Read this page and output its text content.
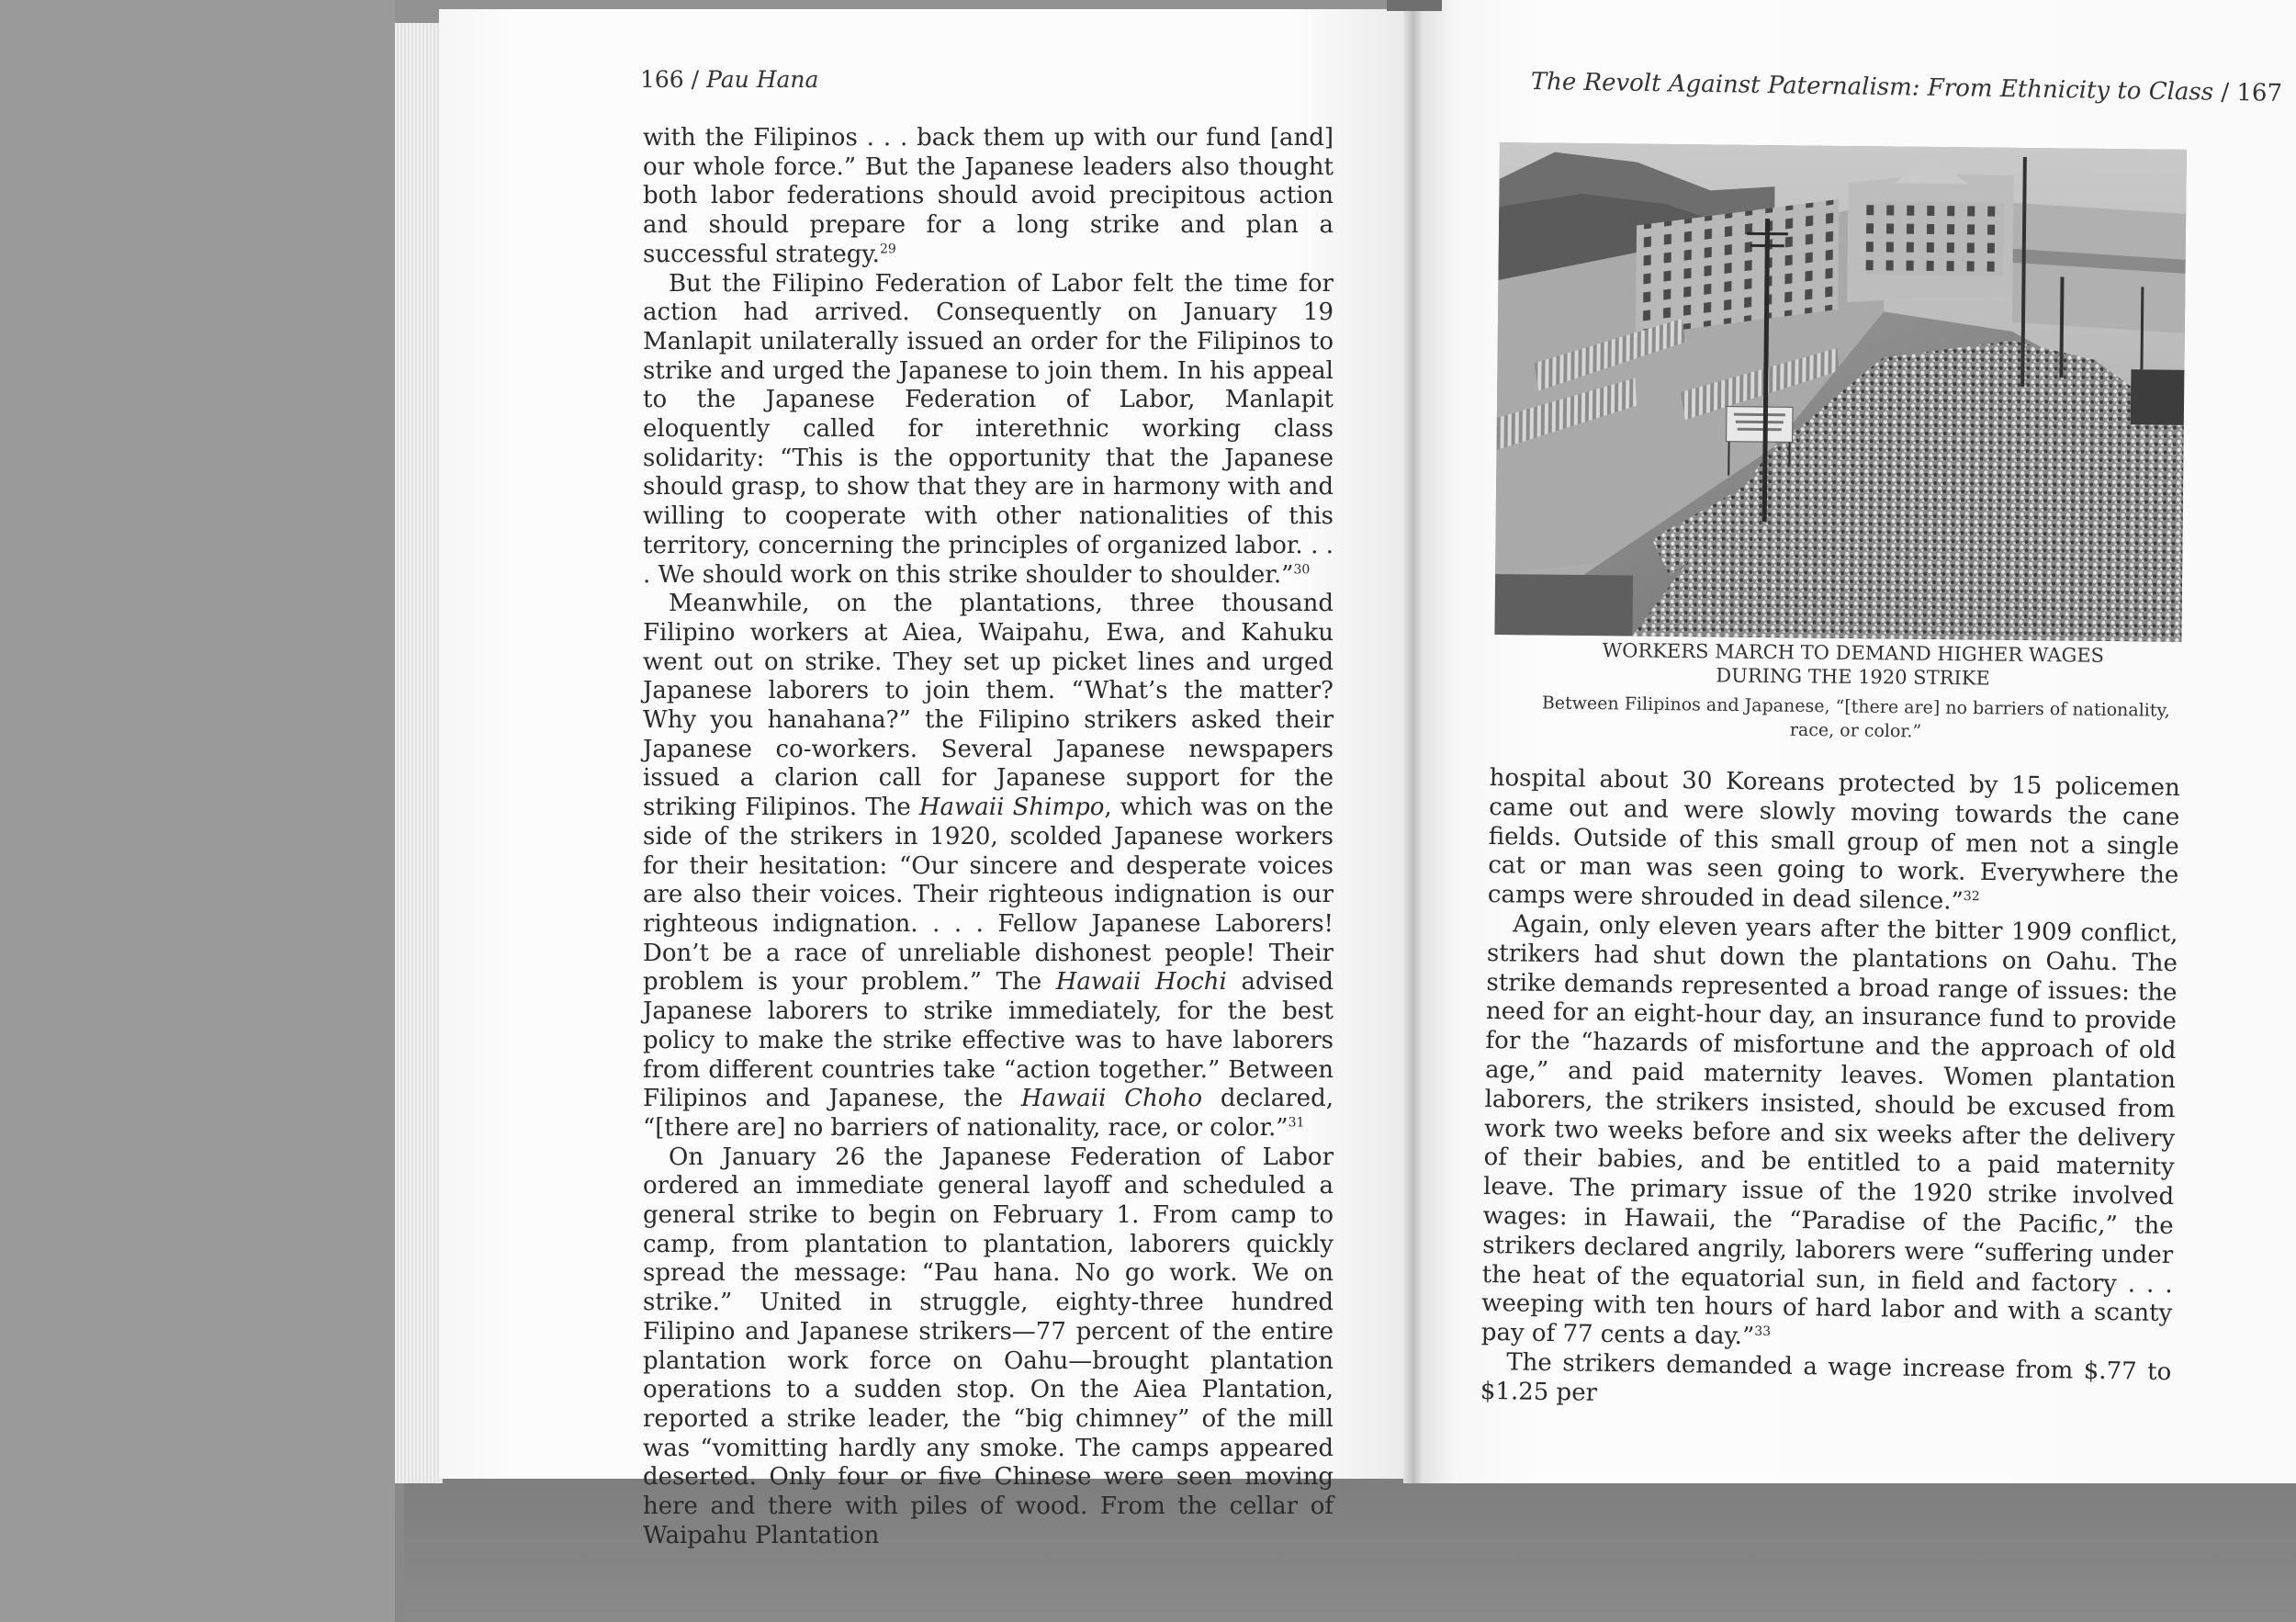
166 / Pau Hana	The Revolt Against Paternalism: From Ethnicity to Class / 167

with the Filipinos . . . back them up with our fund [and] our whole force.” But the Japanese leaders also thought both labor federations should avoid precipitous action and should prepare for a long strike and plan a successful strategy.$^{29}$

But the Filipino Federation of Labor felt the time for action had arrived. Consequently on January 19 Manlapit unilaterally issued an order for the Filipinos to strike and urged the Japanese to join them. In his appeal to the Japanese Federation of Labor, Manlapit eloquently called for interethnic working class solidarity: “This is the opportunity that the Japanese should grasp, to show that they are in harmony with and willing to cooperate with other nationalities of this territory, concerning the principles of organized labor. . . . We should work on this strike shoulder to shoulder.”$^{30}$

Meanwhile, on the plantations, three thousand Filipino workers at Aiea, Waipahu, Ewa, and Kahuku went out on strike. They set up picket lines and urged Japanese laborers to join them. “What’s the matter? Why you hanahana?” the Filipino strikers asked their Japanese co-workers. Several Japanese newspapers issued a clarion call for Japanese support for the striking Filipinos. The Hawaii Shimpo, which was on the side of the strikers in 1920, scolded Japanese workers for their hesitation: “Our sincere and desperate voices are also their voices. Their righteous indignation is our righteous indignation. . . . Fellow Japanese Laborers! Don’t be a race of unreliable dishonest people! Their problem is your problem.” The Hawaii Hochi advised Japanese laborers to strike immediately, for the best policy to make the strike effective was to have laborers from different countries take “action together.” Between Filipinos and Japanese, the Hawaii Choho declared, “[there are] no barriers of nationality, race, or color.”$^{31}$

On January 26 the Japanese Federation of Labor ordered an immediate general layoff and scheduled a general strike to begin on February 1. From camp to camp, from plantation to plantation, laborers quickly spread the message: “Pau hana. No go work. We on strike.” United in struggle, eighty-three hundred Filipino and Japanese strikers—77 percent of the entire plantation work force on Oahu—brought plantation operations to a sudden stop. On the Aiea Plantation, reported a strike leader, the “big chimney” of the mill was “vomitting hardly any smoke. The camps appeared deserted. Only four or five Chinese were seen moving here and there with piles of wood. From the cellar of Waipahu Plantation

WORKERS MARCH TO DEMAND HIGHER WAGES
DURING THE 1920 STRIKE
Between Filipinos and Japanese, “[there are] no barriers of nationality,
race, or color.”

hospital about 30 Koreans protected by 15 policemen came out and were slowly moving towards the cane fields. Outside of this small group of men not a single cat or man was seen going to work. Everywhere the camps were shrouded in dead silence.”$^{32}$

Again, only eleven years after the bitter 1909 conflict, strikers had shut down the plantations on Oahu. The strike demands represented a broad range of issues: the need for an eight-hour day, an insurance fund to provide for the “hazards of misfortune and the approach of old age,” and paid maternity leaves. Women plantation laborers, the strikers insisted, should be excused from work two weeks before and six weeks after the delivery of their babies, and be entitled to a paid maternity leave. The primary issue of the 1920 strike involved wages: in Hawaii, the “Paradise of the Pacific,” the strikers declared angrily, laborers were “suffering under the heat of the equatorial sun, in field and factory . . . weeping with ten hours of hard labor and with a scanty pay of 77 cents a day.”$^{33}$

The strikers demanded a wage increase from $.77 to $1.25 per
